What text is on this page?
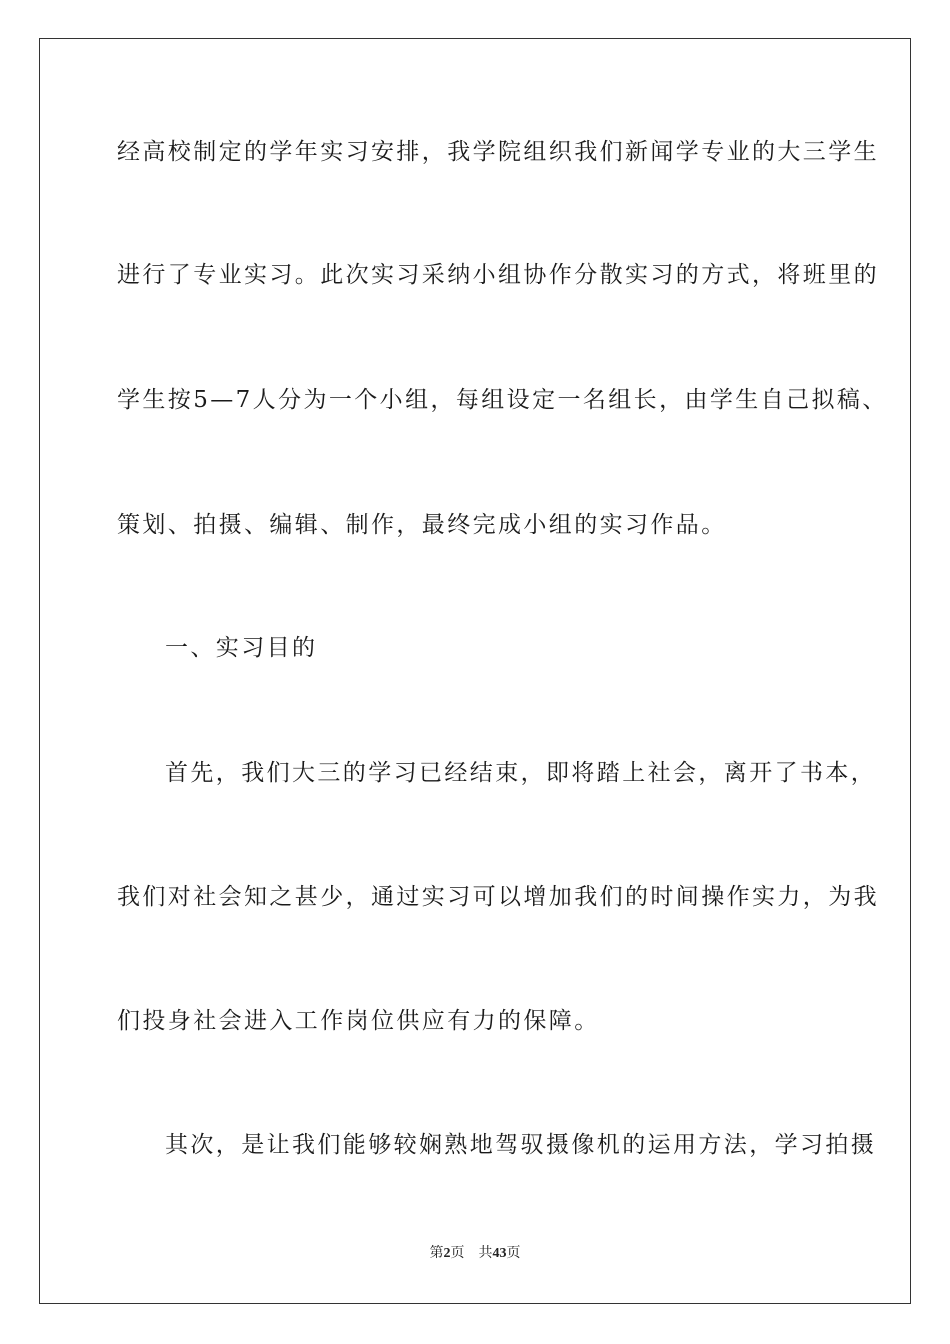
经高校制定的学年实习安排，我学院组织我们新闻学专业的大三学生
进行了专业实习。此次实习采纳小组协作分散实习的方式，将班里的
学生按5—7人分为一个小组，每组设定一名组长，由学生自己拟稿、
策划、拍摄、编辑、制作，最终完成小组的实习作品。
一、实习目的
首先，我们大三的学习已经结束，即将踏上社会，离开了书本，
我们对社会知之甚少，通过实习可以增加我们的时间操作实力，为我
们投身社会进入工作岗位供应有力的保障。
其次，是让我们能够较娴熟地驾驭摄像机的运用方法，学习拍摄
第2页 共43页
